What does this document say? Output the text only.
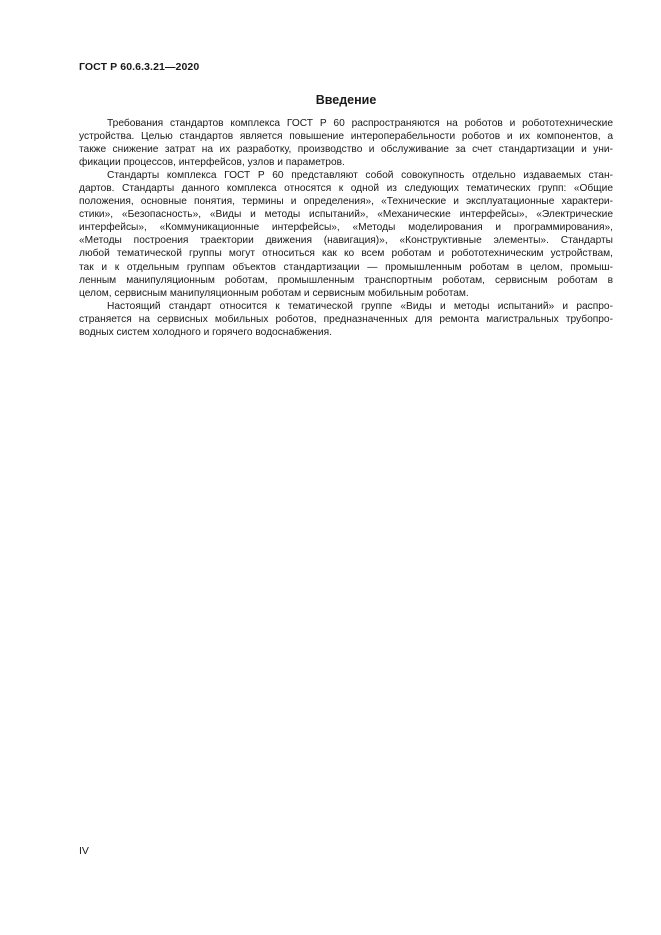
ГОСТ Р 60.6.3.21—2020
Введение
Требования стандартов комплекса ГОСТ Р 60 распространяются на роботов и робототехнические
устройства. Целью стандартов является повышение интероперабельности роботов и их компонентов, а
также снижение затрат на их разработку, производство и обслуживание за счет стандартизации и уни-
фикации процессов, интерфейсов, узлов и параметров.
Стандарты комплекса ГОСТ Р 60 представляют собой совокупность отдельно издаваемых стан-
дартов. Стандарты данного комплекса относятся к одной из следующих тематических групп: «Общие
положения, основные понятия, термины и определения», «Технические и эксплуатационные характери-
стики», «Безопасность», «Виды и методы испытаний», «Механические интерфейсы», «Электрические
интерфейсы», «Коммуникационные интерфейсы», «Методы моделирования и программирования»,
«Методы построения траектории движения (навигация)», «Конструктивные элементы». Стандарты
любой тематической группы могут относиться как ко всем роботам и робототехническим устройствам,
так и к отдельным группам объектов стандартизации — промышленным роботам в целом, промыш-
ленным манипуляционным роботам, промышленным транспортным роботам, сервисным роботам в
целом, сервисным манипуляционным роботам и сервисным мобильным роботам.
Настоящий стандарт относится к тематической группе «Виды и методы испытаний» и распро-
страняется на сервисных мобильных роботов, предназначенных для ремонта магистральных трубопро-
водных систем холодного и горячего водоснабжения.
IV
